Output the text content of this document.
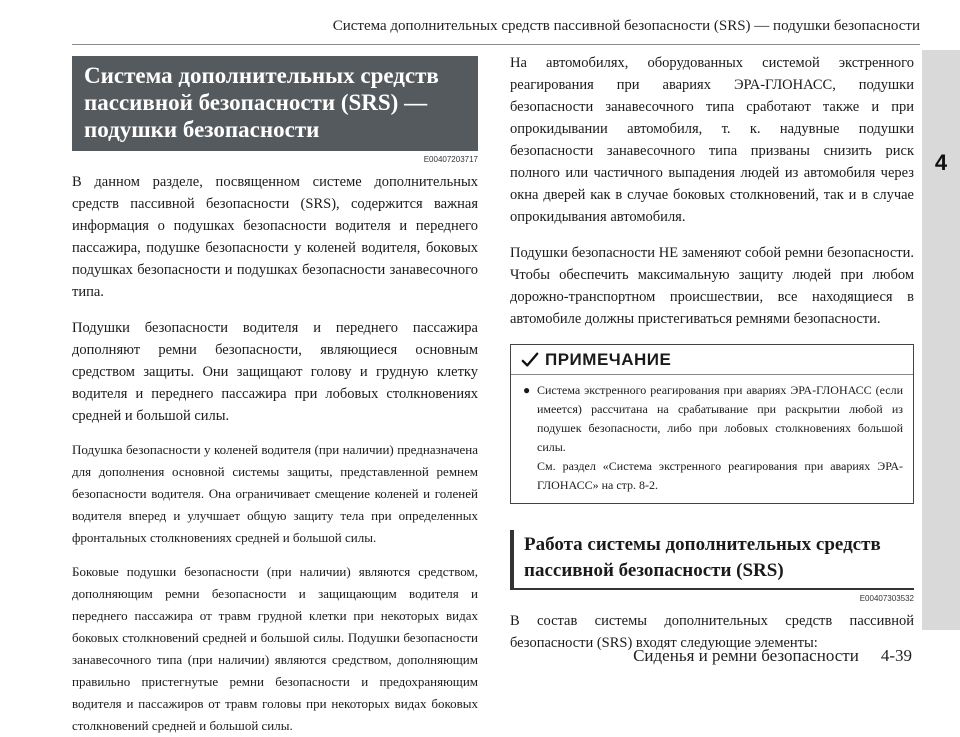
Система дополнительных средств пассивной безопасности (SRS) — подушки безопасности
4
Система дополнительных средств пассивной безопасности (SRS) — подушки безопасности
E00407203717

В данном разделе, посвященном системе дополнительных средств пассивной безопасности (SRS), содержится важная информация о подушках безопасности водителя и переднего пассажира, подушке безопасности у коленей водителя, боковых подушках безопасности и подушках безопасности занавесочного типа.

Подушки безопасности водителя и переднего пассажира дополняют ремни безопасности, являющиеся основным средством защиты. Они защищают голову и грудную клетку водителя и переднего пассажира при лобовых столкновениях средней и большой силы.

Подушка безопасности у коленей водителя (при наличии) предназначена для дополнения основной системы защиты, представленной ремнем безопасности водителя. Она ограничивает смещение коленей и голеней водителя вперед и улучшает общую защиту тела при определенных фронтальных столкновениях средней и большой силы.

Боковые подушки безопасности (при наличии) являются средством, дополняющим ремни безопасности и защищающим водителя и переднего пассажира от травм грудной клетки при некоторых видах боковых столкновений средней и большой силы. Подушки безопасности занавесочного типа (при наличии) являются средством, дополняющим правильно пристегнутые ремни безопасности и предохраняющим водителя и пассажиров от травм головы при некоторых видах боковых столкновений средней и большой силы.

На автомобилях, оборудованных системой экстренного реагирования при авариях ЭРА-ГЛОНАСС, подушки безопасности занавесочного типа сработают также и при опрокидывании автомобиля, т. к. надувные подушки безопасности занавесочного типа призваны снизить риск полного или частичного выпадения людей из автомобиля через окна дверей как в случае боковых столкновений, так и в случае опрокидывания автомобиля.

Подушки безопасности НЕ заменяют собой ремни безопасности. Чтобы обеспечить максимальную защиту людей при любом дорожно-транспортном происшествии, все находящиеся в автомобиле должны пристегиваться ремнями безопасности.

ПРИМЕЧАНИЕ
● Система экстренного реагирования при авариях ЭРА-ГЛОНАСС (если имеется) рассчитана на срабатывание при раскрытии любой из подушек безопасности, либо при лобовых столкновениях большой силы.
См. раздел «Система экстренного реагирования при авариях ЭРА-ГЛОНАСС» на стр. 8-2.
Работа системы дополнительных средств пассивной безопасности (SRS)
E00407303532

В состав системы дополнительных средств пассивной безопасности (SRS) входят следующие элементы:

Сиденья и ремни безопасности 4-39
